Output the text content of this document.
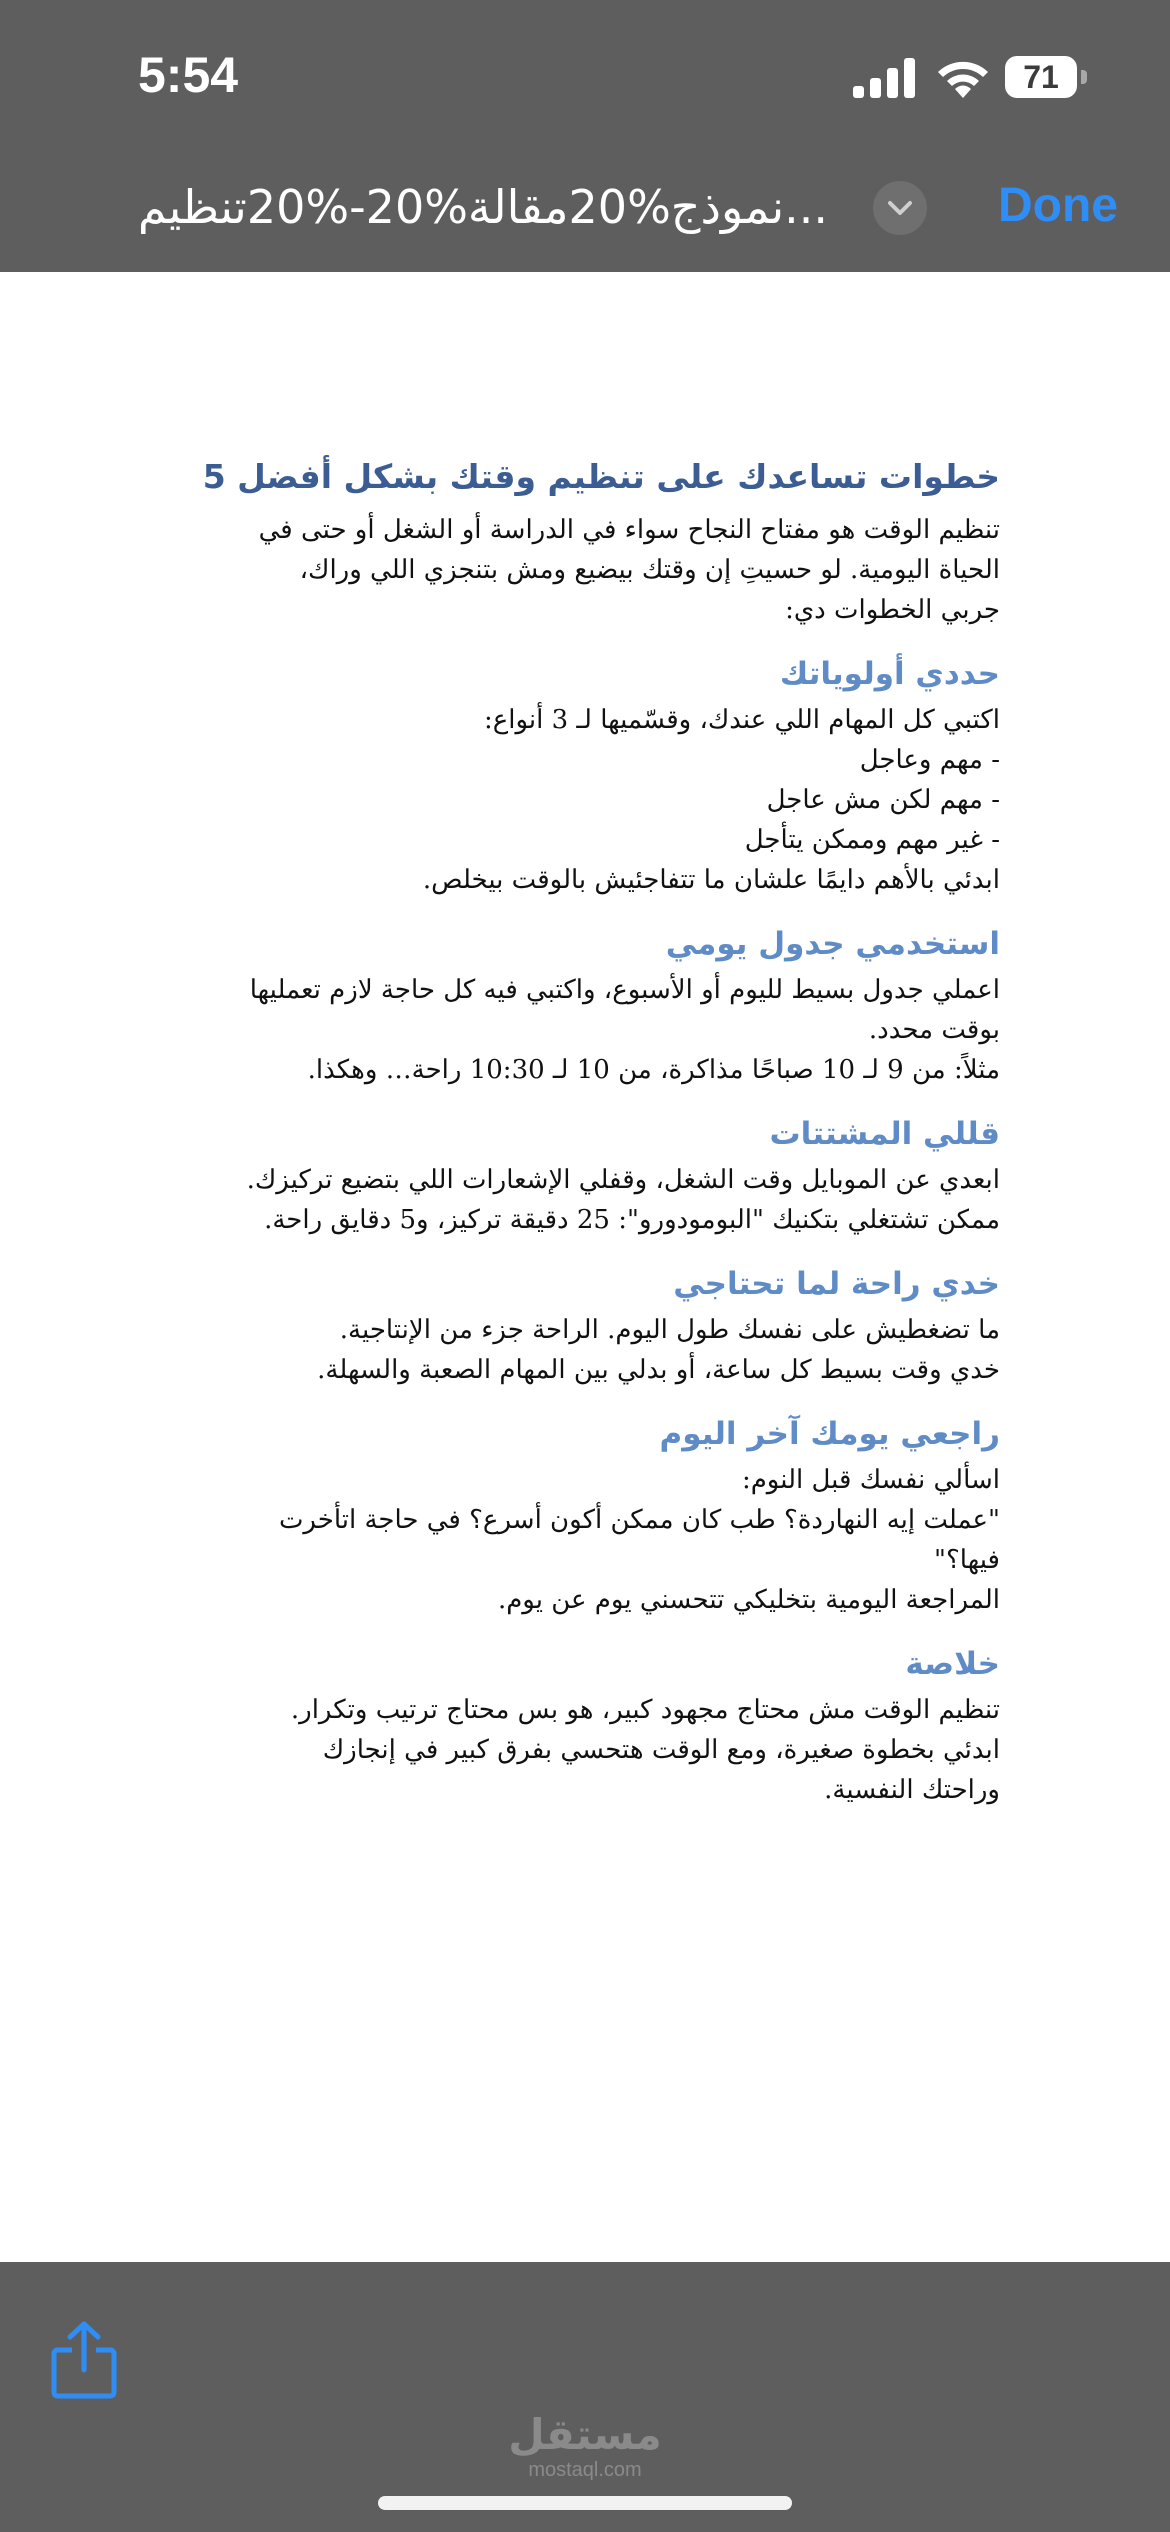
5:54	71
نموذج%20مقالة%20-%20تنظيم...	Done
خطوات تساعدك على تنظيم وقتك بشكل أفضل 5

تنظيم الوقت هو مفتاح النجاح سواء في الدراسة أو الشغل أو حتى في
الحياة اليومية. لو حسيتِ إن وقتك بيضيع ومش بتنجزي اللي وراك،
جربي الخطوات دي:

حددي أولوياتك

اكتبي كل المهام اللي عندك، وقسّميها لـ 3 أنواع:
- مهم وعاجل
- مهم لكن مش عاجل
- غير مهم وممكن يتأجل
ابدئي بالأهم دايمًا علشان ما تتفاجئيش بالوقت بيخلص.

استخدمي جدول يومي

اعملي جدول بسيط لليوم أو الأسبوع، واكتبي فيه كل حاجة لازم تعمليها
بوقت محدد.
مثلاً: من 9 لـ 10 صباحًا مذاكرة، من 10 لـ 10:30 راحة… وهكذا.

قللي المشتتات

ابعدي عن الموبايل وقت الشغل، وقفلي الإشعارات اللي بتضيع تركيزك.
ممكن تشتغلي بتكنيك "البومودورو": 25 دقيقة تركيز، و5 دقايق راحة.

خدي راحة لما تحتاجي

ما تضغطيش على نفسك طول اليوم. الراحة جزء من الإنتاجية.
خدي وقت بسيط كل ساعة، أو بدلي بين المهام الصعبة والسهلة.

راجعي يومك آخر اليوم

اسألي نفسك قبل النوم:
"عملت إيه النهاردة؟ طب كان ممكن أكون أسرع؟ في حاجة اتأخرت
فيها؟"
المراجعة اليومية بتخليكي تتحسني يوم عن يوم.

خلاصة

تنظيم الوقت مش محتاج مجهود كبير، هو بس محتاج ترتيب وتكرار.
ابدئي بخطوة صغيرة، ومع الوقت هتحسي بفرق كبير في إنجازك
وراحتك النفسية.

مستقل
mostaql.com
